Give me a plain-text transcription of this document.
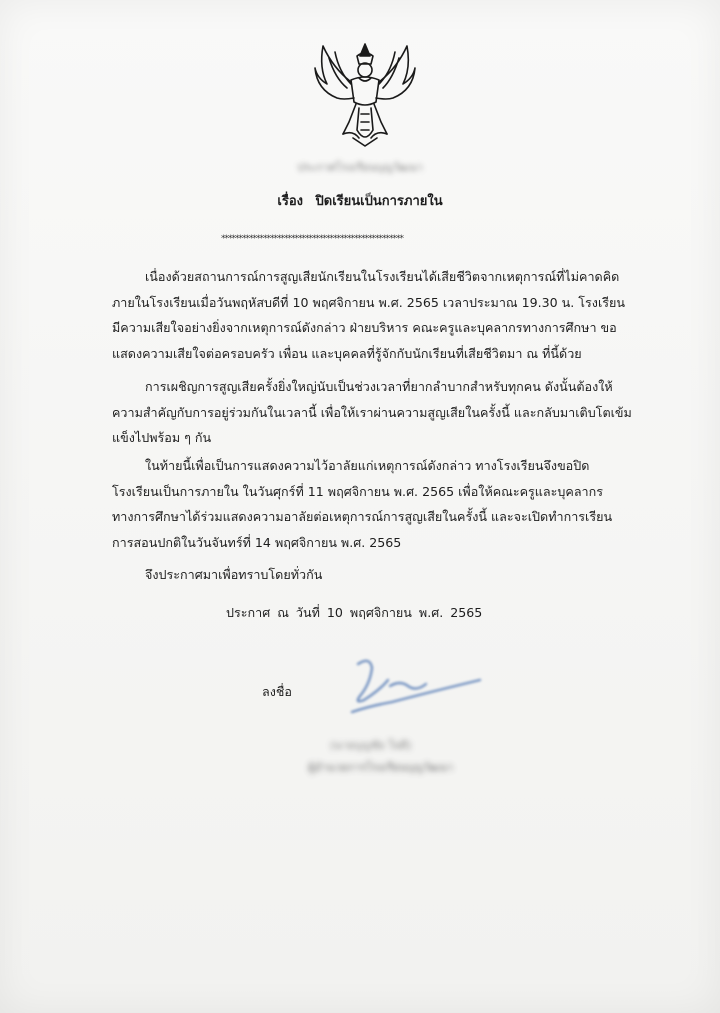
ประกาศโรงเรียนบุญวัฒนา
เรื่อง ปิดเรียนเป็นการภายใน
****************************************************

เนื่องด้วยสถานการณ์การสูญเสียนักเรียนในโรงเรียนได้เสียชีวิตจากเหตุการณ์ที่ไม่คาดคิดภายในโรงเรียนเมื่อวันพฤหัสบดีที่ 10 พฤศจิกายน พ.ศ. 2565 เวลาประมาณ 19.30 น. โรงเรียนมีความเสียใจอย่างยิ่งจากเหตุการณ์ดังกล่าว ฝ่ายบริหาร คณะครูและบุคลากรทางการศึกษา ขอแสดงความเสียใจต่อครอบครัว เพื่อน และบุคคลที่รู้จักกับนักเรียนที่เสียชีวิตมา ณ ที่นี้ด้วย

การเผชิญการสูญเสียครั้งยิ่งใหญ่นับเป็นช่วงเวลาที่ยากลำบากสำหรับทุกคน ดังนั้นต้องให้ความสำคัญกับการอยู่ร่วมกันในเวลานี้ เพื่อให้เราผ่านความสูญเสียในครั้งนี้ และกลับมาเติบโตเข้มแข็งไปพร้อม ๆ กัน

ในท้ายนี้เพื่อเป็นการแสดงความไว้อาลัยแก่เหตุการณ์ดังกล่าว ทางโรงเรียนจึงขอปิดโรงเรียนเป็นการภายใน ในวันศุกร์ที่ 11 พฤศจิกายน พ.ศ. 2565 เพื่อให้คณะครูและบุคลากรทางการศึกษาได้ร่วมแสดงความอาลัยต่อเหตุการณ์การสูญเสียในครั้งนี้ และจะเปิดทำการเรียนการสอนปกติในวันจันทร์ที่ 14 พฤศจิกายน พ.ศ. 2565

จึงประกาศมาเพื่อทราบโดยทั่วกัน
ประกาศ ณ วันที่ 10 พฤศจิกายน พ.ศ. 2565
ลงชื่อ
(นายบุญชัย ใจดี)
ผู้อำนวยการโรงเรียนบุญวัฒนา
